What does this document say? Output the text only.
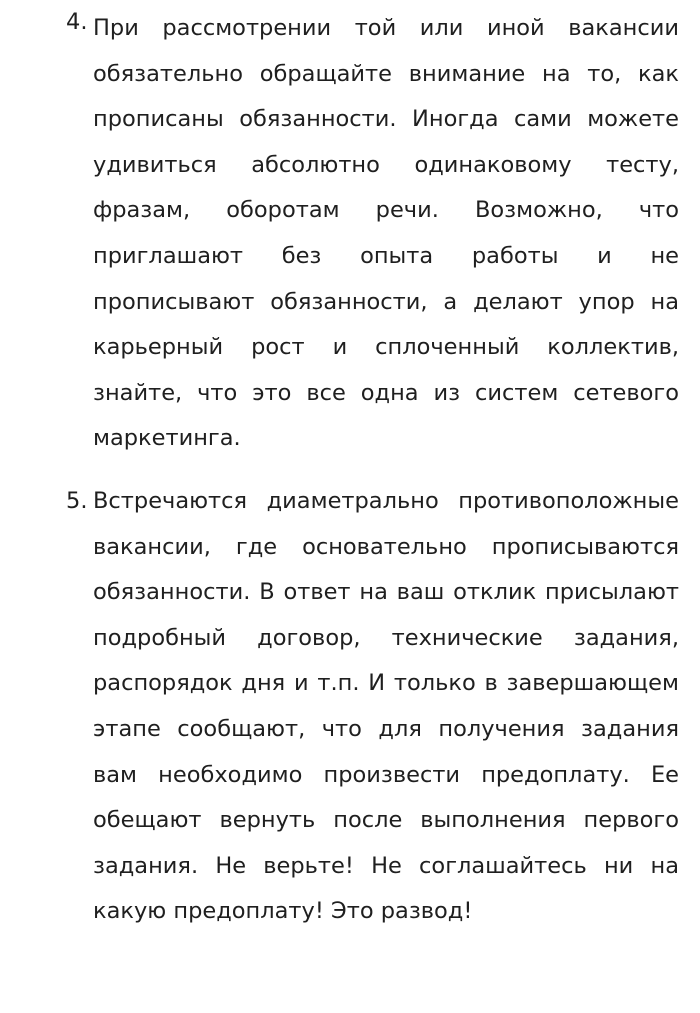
4. При рассмотрении той или иной вакансии обязательно обращайте внимание на то, как прописаны обязанности. Иногда сами можете удивиться абсолютно одинаковому тесту, фразам, оборотам речи. Возможно, что приглашают без опыта работы и не прописывают обязанности, а делают упор на карьерный рост и сплоченный коллектив, знайте, что это все одна из систем сетевого маркетинга.

5. Встречаются диаметрально противоположные вакансии, где основательно прописываются обязанности. В ответ на ваш отклик присылают подробный договор, технические задания, распорядок дня и т.п. И только в завершающем этапе сообщают, что для получения задания вам необходимо произвести предоплату. Ее обещают вернуть после выполнения первого задания. Не верьте! Не соглашайтесь ни на какую предоплату! Это развод!
